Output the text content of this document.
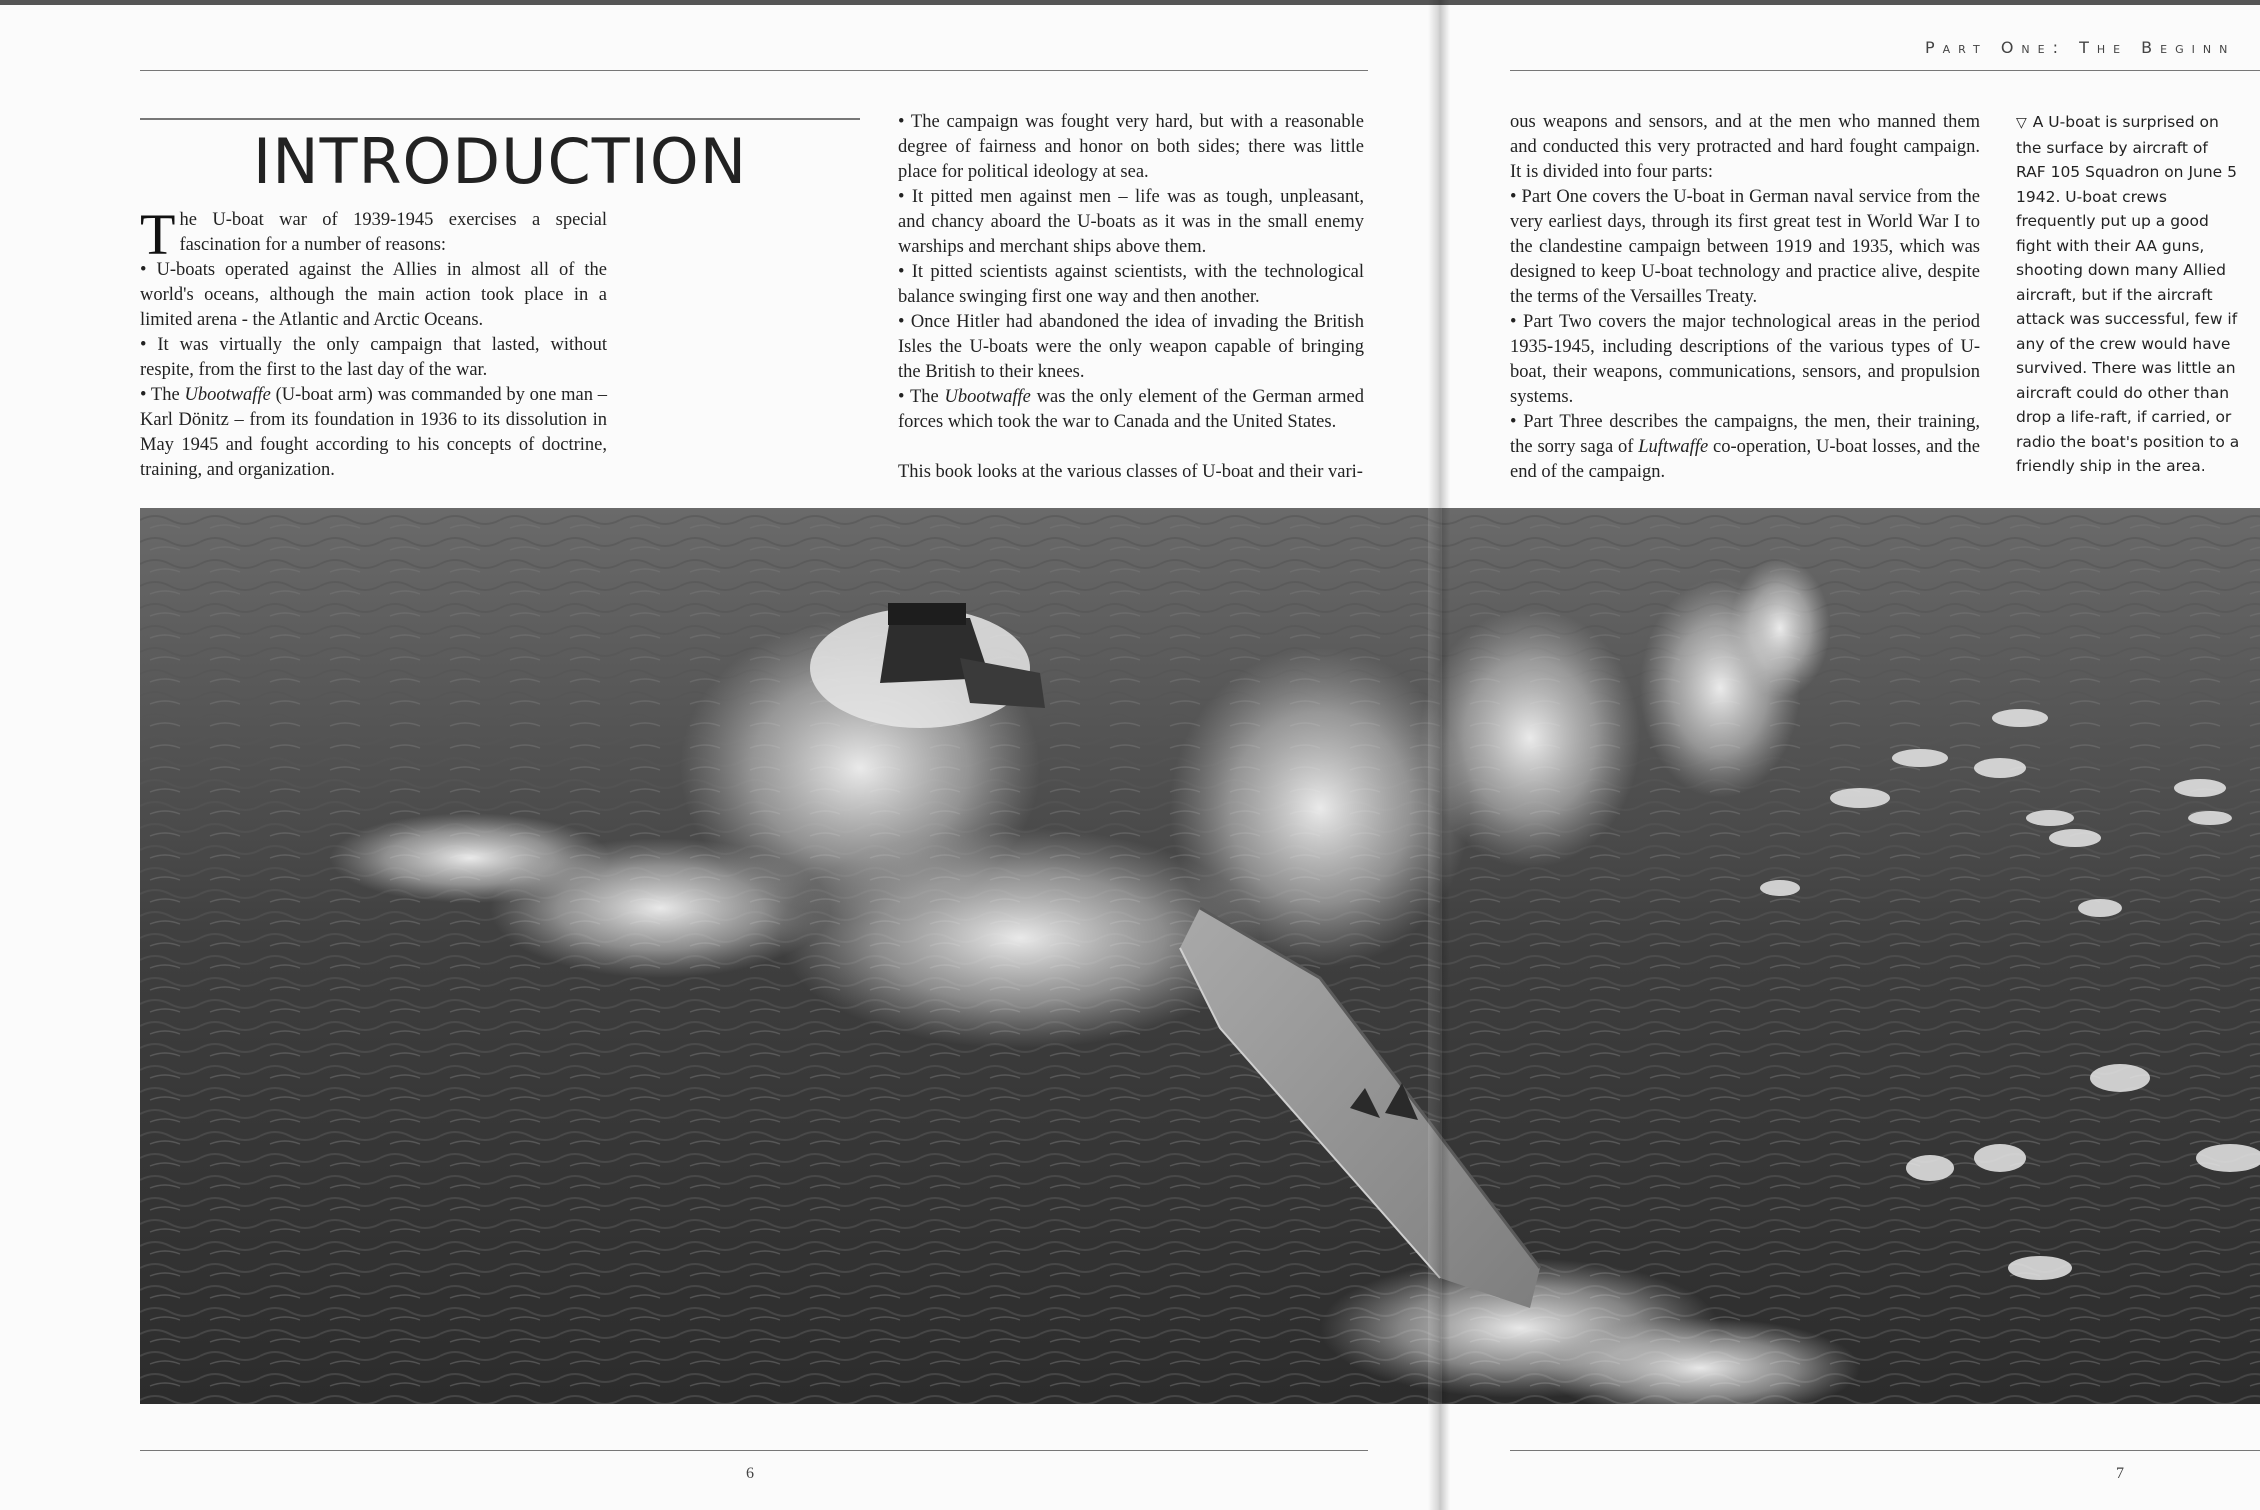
Part One: The Beginn
INTRODUCTION

The U-boat war of 1939-1945 exercises a special fascination for a number of reasons:

• U-boats operated against the Allies in almost all of the world's oceans, although the main action took place in a limited arena - the Atlantic and Arctic Oceans.

• It was virtually the only campaign that lasted, without respite, from the first to the last day of the war.

• The Ubootwaffe (U-boat arm) was commanded by one man – Karl Dönitz – from its foundation in 1936 to its dissolution in May 1945 and fought according to his concepts of doctrine, training, and organization.

• The campaign was fought very hard, but with a reasonable degree of fairness and honor on both sides; there was little place for political ideology at sea.

• It pitted men against men – life was as tough, unpleasant, and chancy aboard the U-boats as it was in the small enemy warships and merchant ships above them.

• It pitted scientists against scientists, with the technological balance swinging first one way and then another.

• Once Hitler had abandoned the idea of invading the British Isles the U-boats were the only weapon capable of bringing the British to their knees.

• The Ubootwaffe was the only element of the German armed forces which took the war to Canada and the United States.

This book looks at the various classes of U-boat and their vari-

ous weapons and sensors, and at the men who manned them and conducted this very protracted and hard fought campaign. It is divided into four parts:

• Part One covers the U-boat in German naval service from the very earliest days, through its first great test in World War I to the clandestine campaign between 1919 and 1935, which was designed to keep U-boat technology and practice alive, despite the terms of the Versailles Treaty.

• Part Two covers the major technological areas in the period 1935-1945, including descriptions of the various types of U-boat, their weapons, communications, sensors, and propulsion systems.

• Part Three describes the campaigns, the men, their training, the sorry saga of Luftwaffe co-operation, U-boat losses, and the end of the campaign.

▽ A U-boat is surprised on the surface by aircraft of RAF 105 Squadron on June 5 1942. U-boat crews frequently put up a good fight with their AA guns, shooting down many Allied aircraft, but if the aircraft attack was successful, few if any of the crew would have survived. There was little an aircraft could do other than drop a life-raft, if carried, or radio the boat's position to a friendly ship in the area.
6	7
